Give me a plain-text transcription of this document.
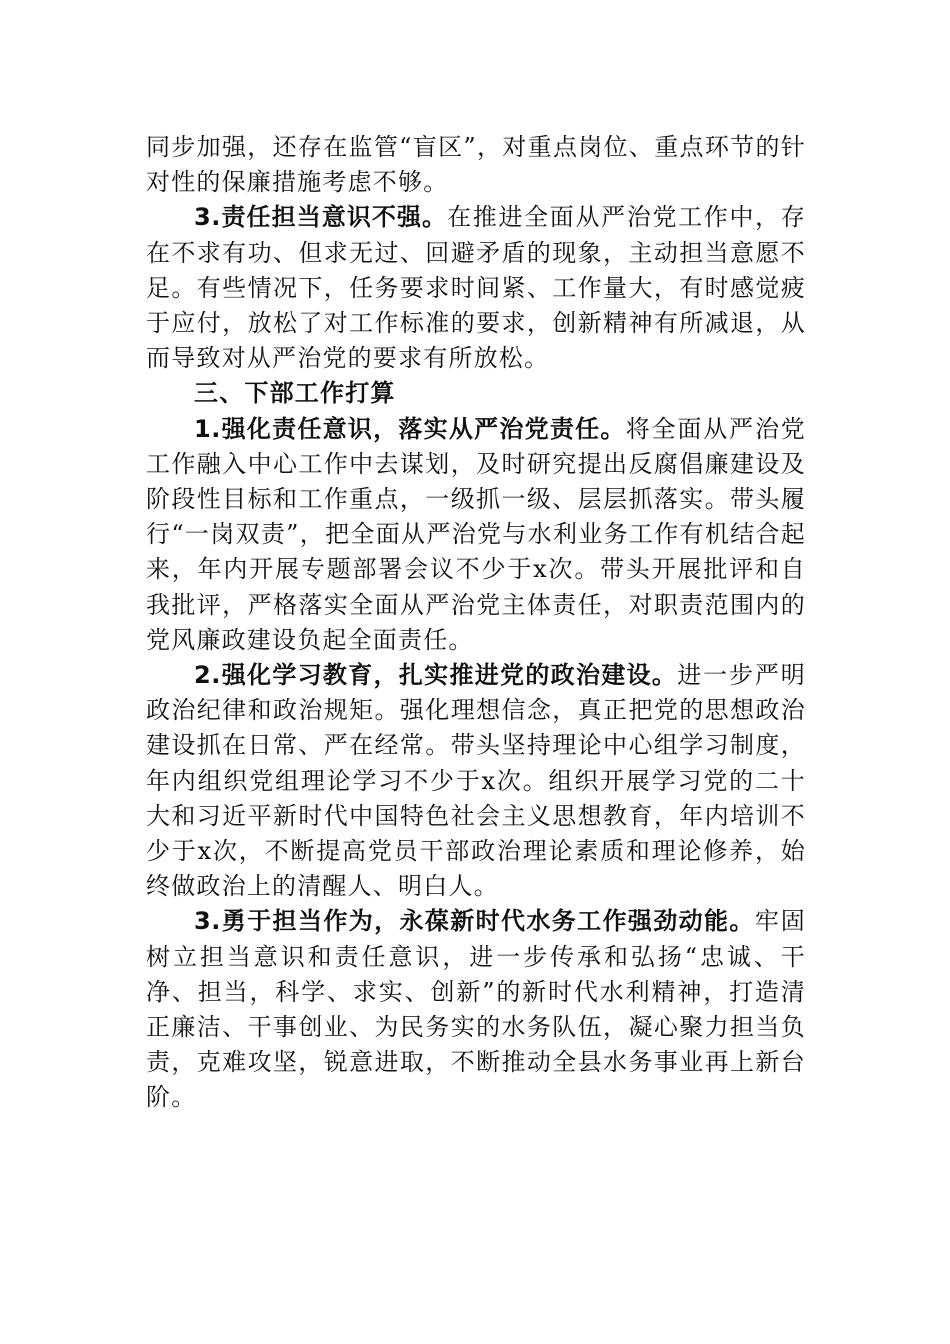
同步加强，还存在监管“盲区”，对重点岗位、重点环节的针对性的保廉措施考虑不够。

3.责任担当意识不强。在推进全面从严治党工作中，存在不求有功、但求无过、回避矛盾的现象，主动担当意愿不足。有些情况下，任务要求时间紧、工作量大，有时感觉疲于应付，放松了对工作标准的要求，创新精神有所减退，从而导致对从严治党的要求有所放松。

三、下部工作打算

1.强化责任意识，落实从严治党责任。将全面从严治党工作融入中心工作中去谋划，及时研究提出反腐倡廉建设及阶段性目标和工作重点，一级抓一级、层层抓落实。带头履行“一岗双责”，把全面从严治党与水利业务工作有机结合起来，年内开展专题部署会议不少于x次。带头开展批评和自我批评，严格落实全面从严治党主体责任，对职责范围内的党风廉政建设负起全面责任。

2.强化学习教育，扎实推进党的政治建设。进一步严明政治纪律和政治规矩。强化理想信念，真正把党的思想政治建设抓在日常、严在经常。带头坚持理论中心组学习制度，年内组织党组理论学习不少于x次。组织开展学习党的二十大和习近平新时代中国特色社会主义思想教育，年内培训不少于x次，不断提高党员干部政治理论素质和理论修养，始终做政治上的清醒人、明白人。

3.勇于担当作为，永葆新时代水务工作强劲动能。牢固树立担当意识和责任意识，进一步传承和弘扬“忠诚、干净、担当，科学、求实、创新”的新时代水利精神，打造清正廉洁、干事创业、为民务实的水务队伍，凝心聚力担当负责，克难攻坚，锐意进取，不断推动全县水务事业再上新台阶。
